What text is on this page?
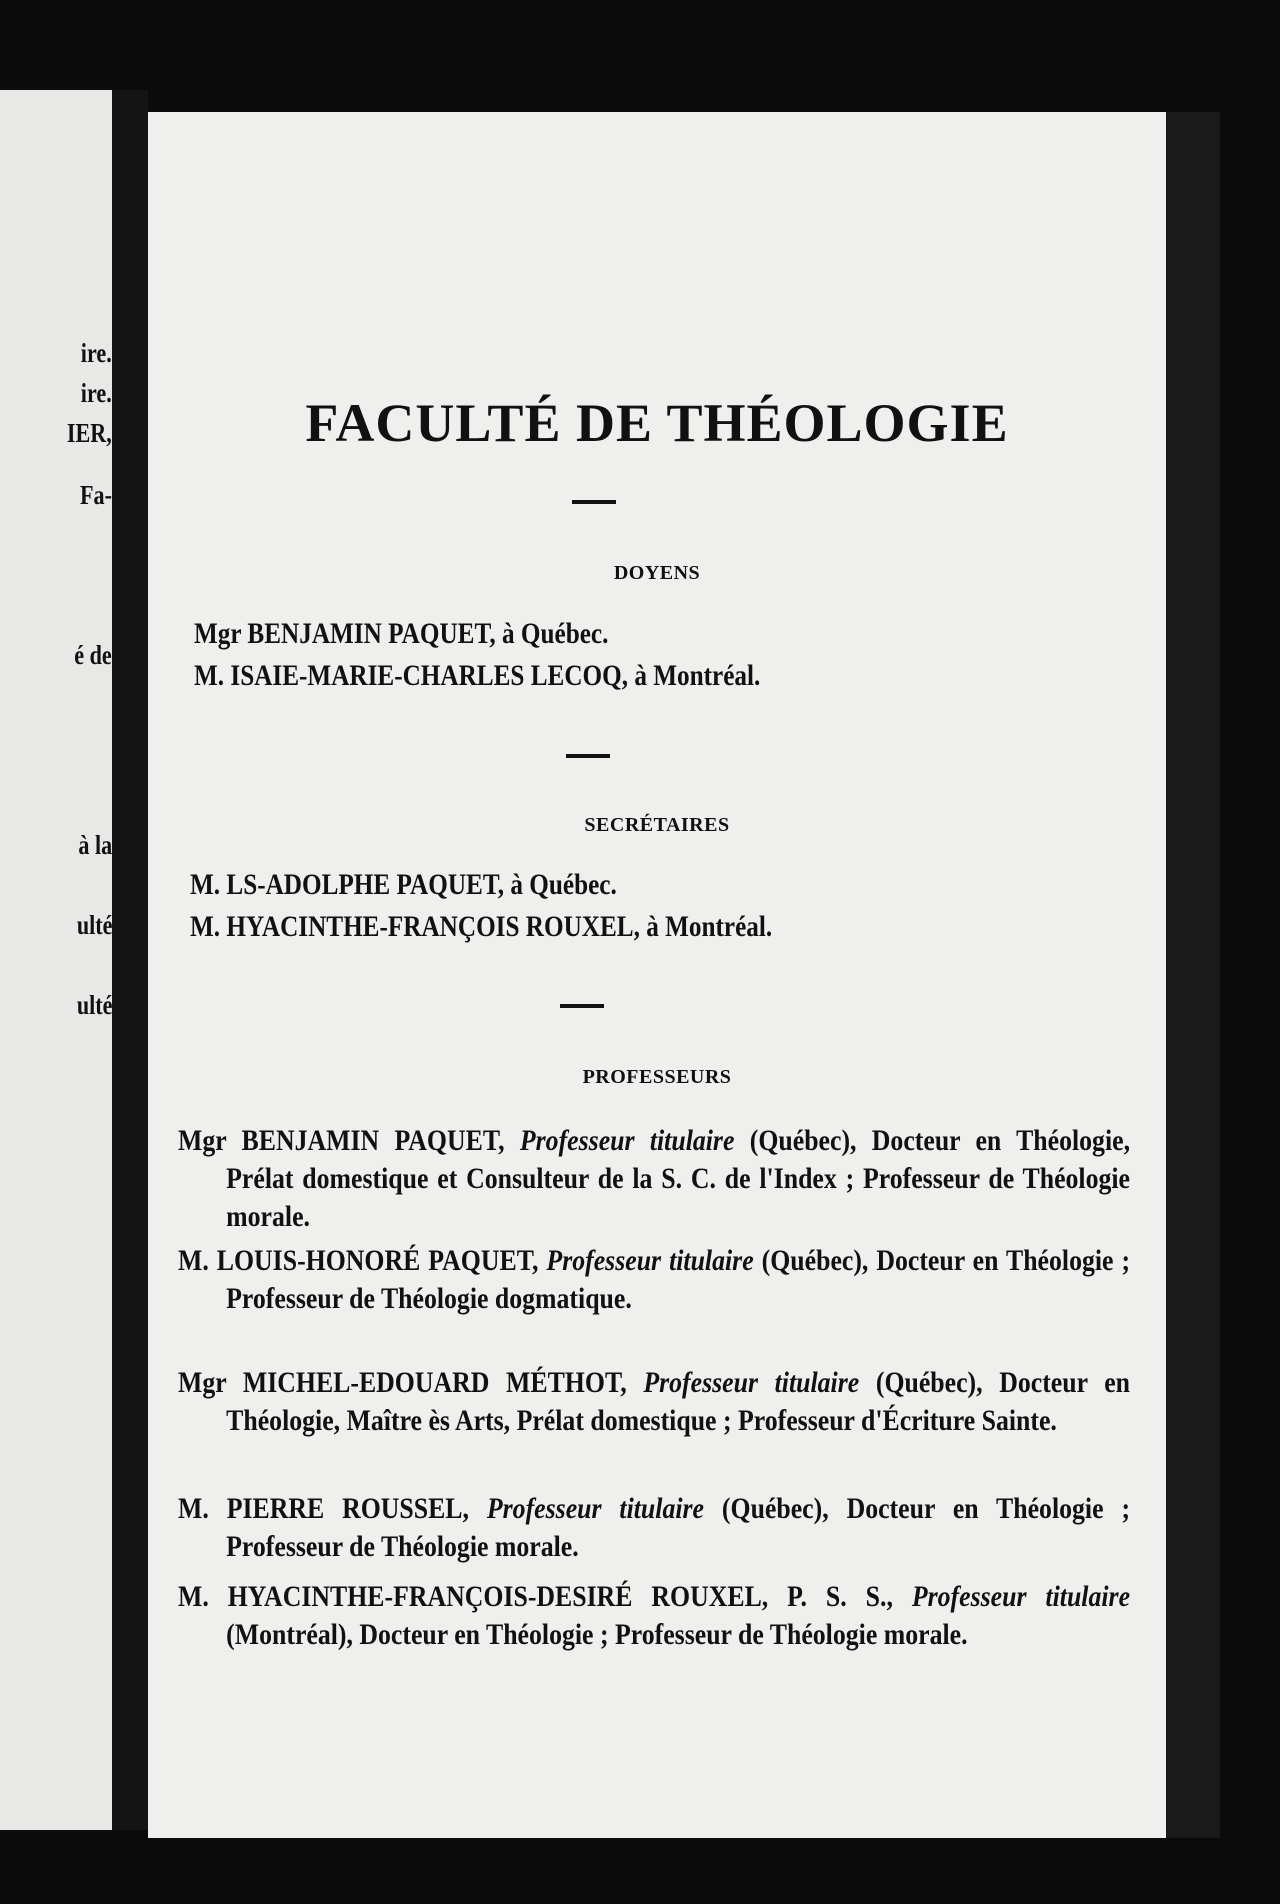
ire.
ire.
IER,
Fa-
é de
à la
ulté
ulté
FACULTÉ DE THÉOLOGIE
DOYENS
Mgr BENJAMIN PAQUET, à Québec.
M. ISAIE-MARIE-CHARLES LECOQ, à Montréal.
SECRÉTAIRES
M. LS-ADOLPHE PAQUET, à Québec.
M. HYACINTHE-FRANÇOIS ROUXEL, à Montréal.
PROFESSEURS
Mgr BENJAMIN PAQUET, Professeur titulaire (Québec), Docteur en Théologie, Prélat domestique et Consulteur de la S. C. de l'Index ; Professeur de Théologie morale.
M. LOUIS-HONORÉ PAQUET, Professeur titulaire (Québec), Docteur en Théologie ; Professeur de Théologie dogmatique.
Mgr MICHEL-EDOUARD MÉTHOT, Professeur titulaire (Québec), Docteur en Théologie, Maître ès Arts, Prélat domestique ; Professeur d'Écriture Sainte.
M. PIERRE ROUSSEL, Professeur titulaire (Québec), Docteur en Théologie ; Professeur de Théologie morale.
M. HYACINTHE-FRANÇOIS-DESIRÉ ROUXEL, P. S. S., Professeur titulaire (Montréal), Docteur en Théologie ; Professeur de Théologie morale.
